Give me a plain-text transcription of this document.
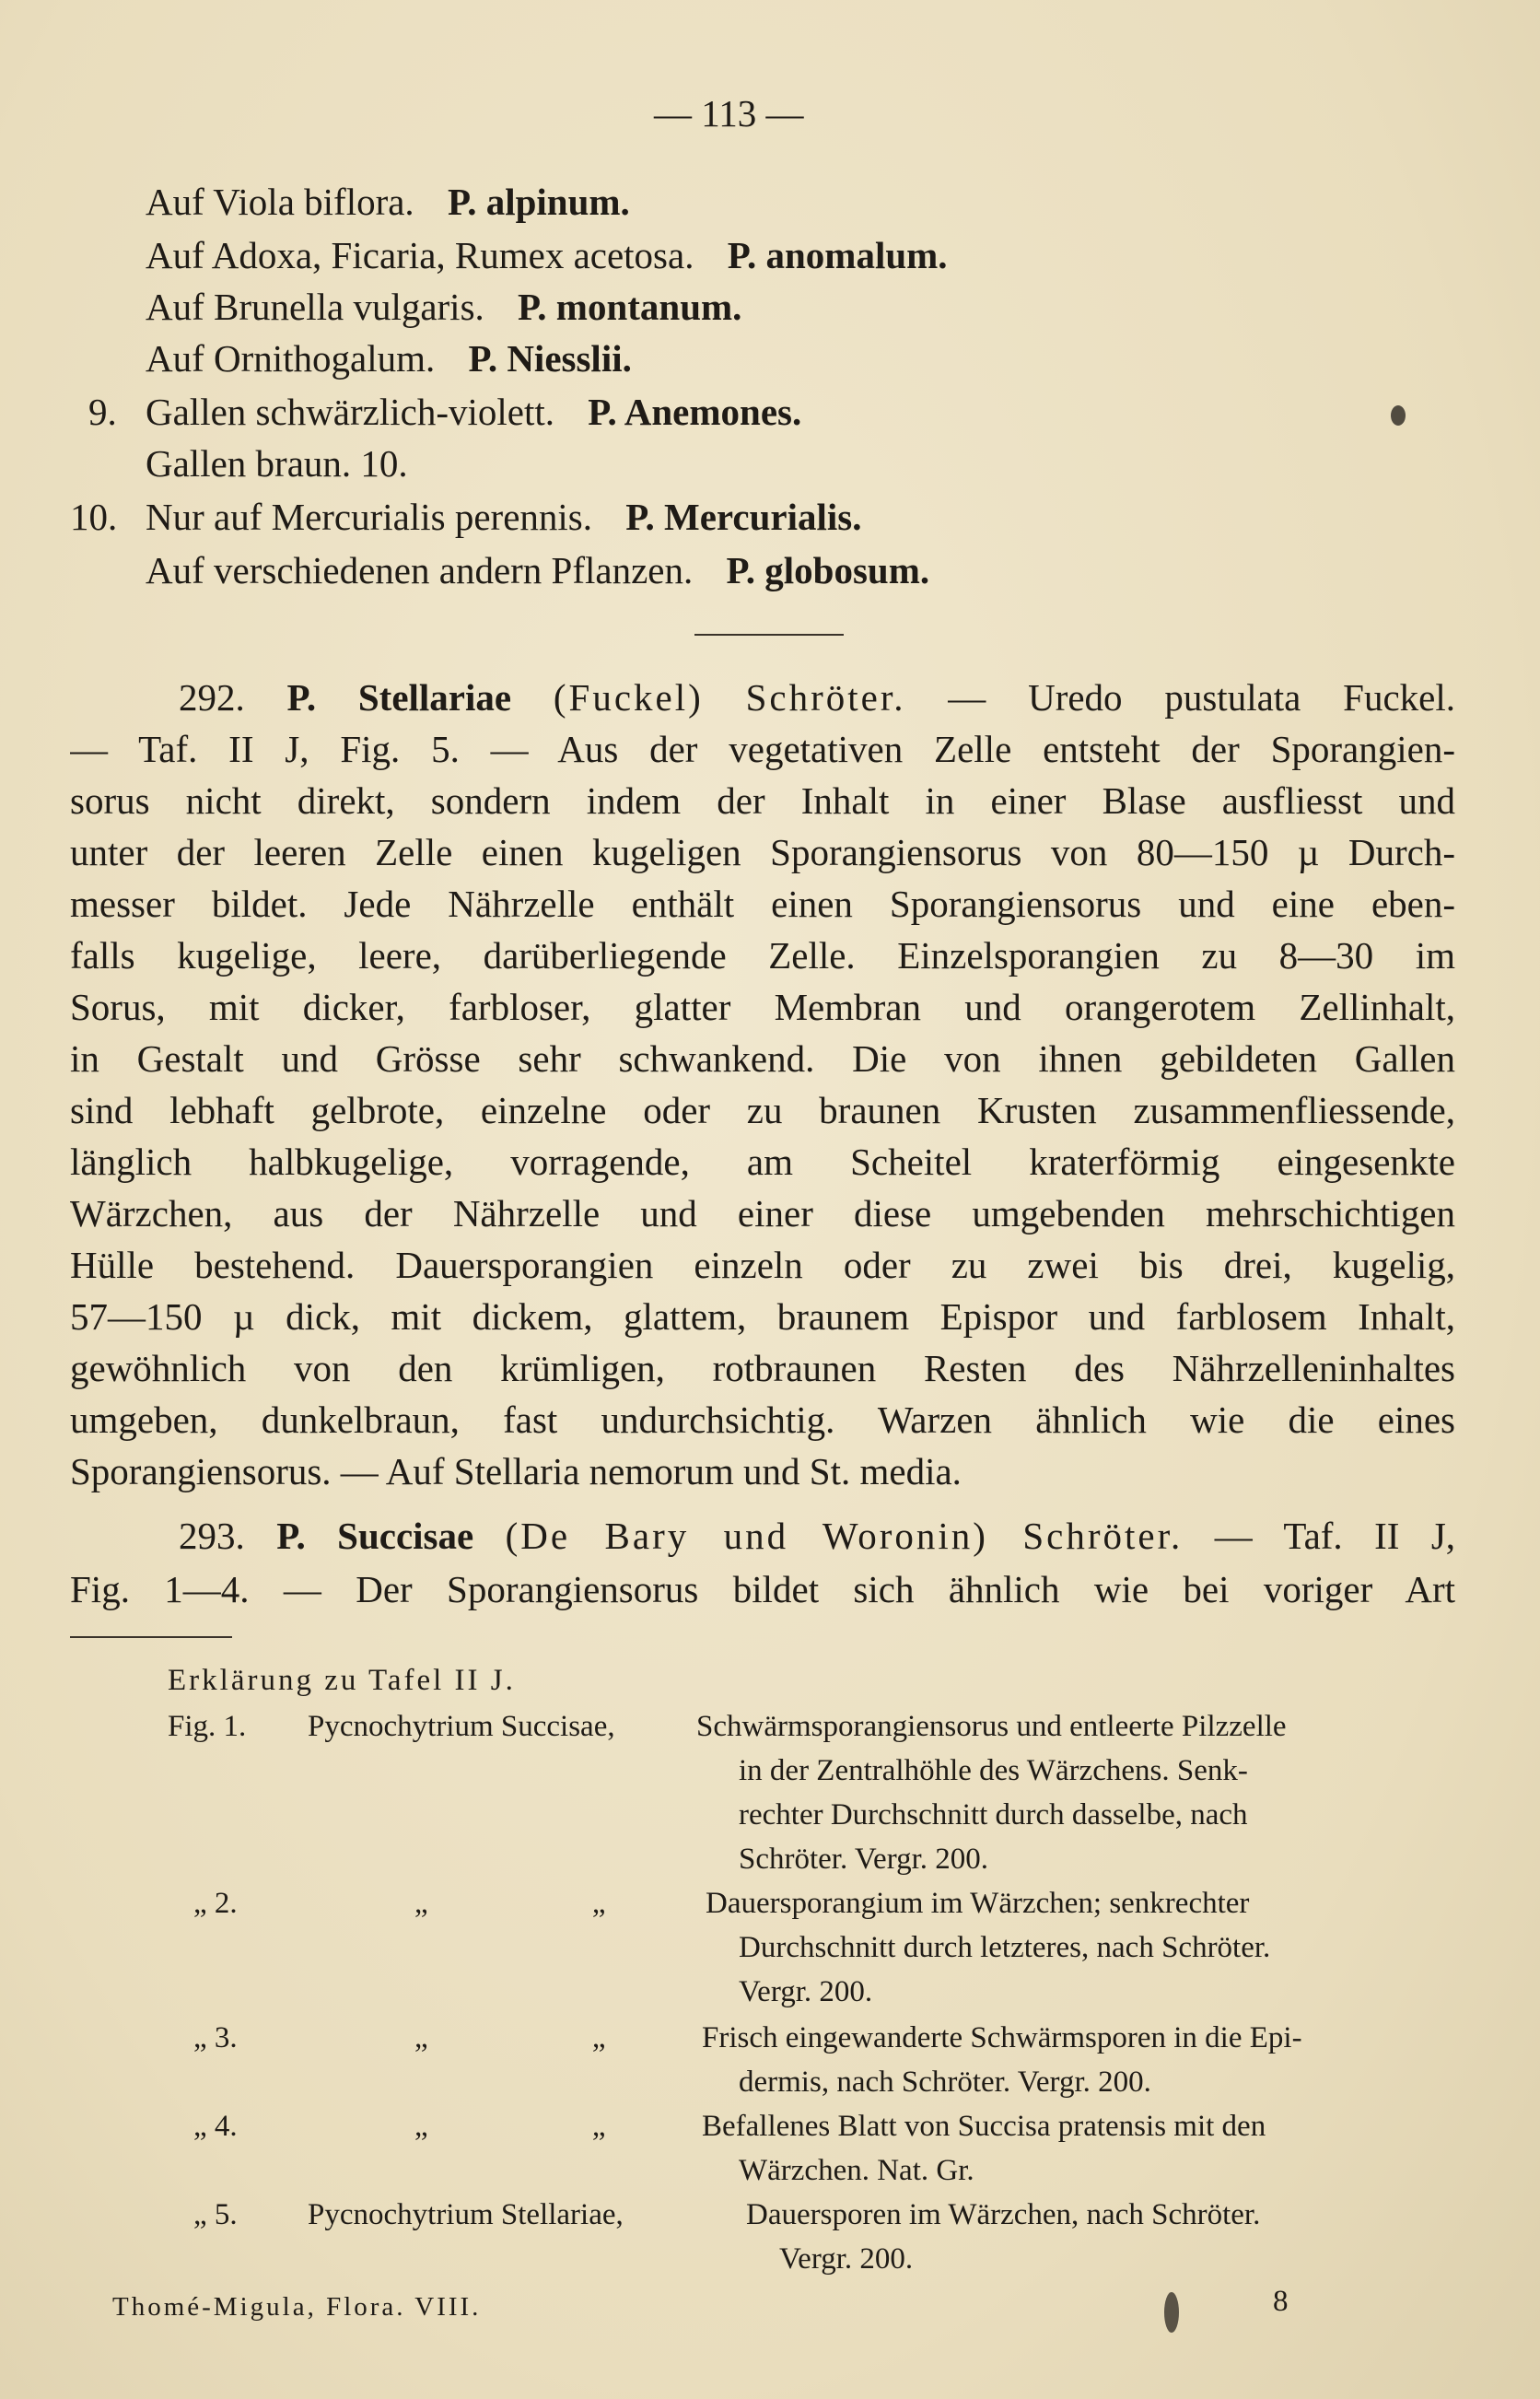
— 113 —
Auf Viola biflora. P. alpinum.
Auf Adoxa, Ficaria, Rumex acetosa. P. anomalum.
Auf Brunella vulgaris. P. montanum.
Auf Ornithogalum. P. Niesslii.
9. Gallen schwärzlich-violett. P. Anemones.
Gallen braun. 10.
10. Nur auf Mercurialis perennis. P. Mercurialis.
Auf verschiedenen andern Pflanzen. P. globosum.
292. P. Stellariae (Fuckel) Schröter. — Uredo pustulata Fuckel.
— Taf. II J, Fig. 5. — Aus der vegetativen Zelle entsteht der Sporangien-
sorus nicht direkt, sondern indem der Inhalt in einer Blase ausfliesst und
unter der leeren Zelle einen kugeligen Sporangiensorus von 80—150 µ Durch-
messer bildet. Jede Nährzelle enthält einen Sporangiensorus und eine eben-
falls kugelige, leere, darüberliegende Zelle. Einzelsporangien zu 8—30 im
Sorus, mit dicker, farbloser, glatter Membran und orangerotem Zellinhalt,
in Gestalt und Grösse sehr schwankend. Die von ihnen gebildeten Gallen
sind lebhaft gelbrote, einzelne oder zu braunen Krusten zusammenfliessende,
länglich halbkugelige, vorragende, am Scheitel kraterförmig eingesenkte
Wärzchen, aus der Nährzelle und einer diese umgebenden mehrschichtigen
Hülle bestehend. Dauersporangien einzeln oder zu zwei bis drei, kugelig,
57—150 µ dick, mit dickem, glattem, braunem Epispor und farblosem Inhalt,
gewöhnlich von den krümligen, rotbraunen Resten des Nährzelleninhaltes
umgeben, dunkelbraun, fast undurchsichtig. Warzen ähnlich wie die eines
Sporangiensorus. — Auf Stellaria nemorum und St. media.
293. P. Succisae (De Bary und Woronin) Schröter. — Taf. II J,
Fig. 1—4. — Der Sporangiensorus bildet sich ähnlich wie bei voriger Art
Erklärung zu Tafel II J.
Fig. 1. Pycnochytrium Succisae,	Schwärmsporangiensorus und entleerte Pilzzelle
in der Zentralhöhle des Wärzchens. Senk-
rechter Durchschnitt durch dasselbe, nach
Schröter. Vergr. 200.
„ 2.	„ „	Dauersporangium im Wärzchen; senkrechter
Durchschnitt durch letzteres, nach Schröter.
Vergr. 200.
„ 3.	„ „	Frisch eingewanderte Schwärmsporen in die Epi-
dermis, nach Schröter. Vergr. 200.
„ 4.	„ „	Befallenes Blatt von Succisa pratensis mit den
Wärzchen. Nat. Gr.
„ 5. Pycnochytrium Stellariae,	Dauersporen im Wärzchen, nach Schröter.
Vergr. 200.
Thomé-Migula, Flora. VIII.	8
